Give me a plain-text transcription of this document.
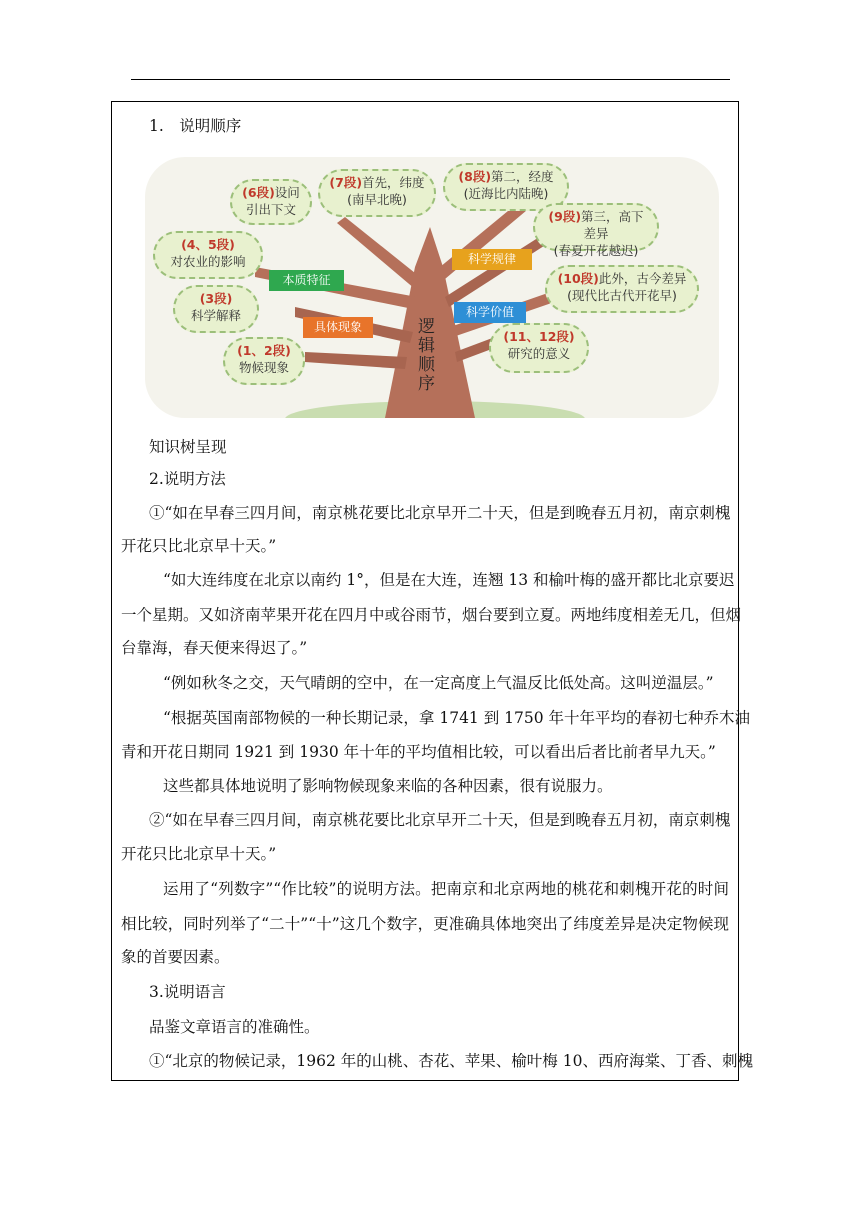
1.　说明顺序
(6段)设问
引出下文
(7段)首先，纬度
(南早北晚)
(8段)第二，经度
(近海比内陆晚)
(9段)第三，高下差异
(春夏开花越迟)
(4、5段)
对农业的影响
(3段)
科学解释
(10段)此外，古今差异
(现代比古代开花早)
(1、2段)
物候现象
(11、12段)
研究的意义
本质特征
具体现象
科学规律
科学价值
逻辑顺序
知识树呈现
2.说明方法
①“如在早春三四月间，南京桃花要比北京早开二十天，但是到晚春五月初，南京刺槐
开花只比北京早十天。”
“如大连纬度在北京以南约 1°，但是在大连，连翘 13 和榆叶梅的盛开都比北京要迟
一个星期。又如济南苹果开花在四月中或谷雨节，烟台要到立夏。两地纬度相差无几，但烟
台靠海，春天便来得迟了。”
“例如秋冬之交，天气晴朗的空中，在一定高度上气温反比低处高。这叫逆温层。”
“根据英国南部物候的一种长期记录，拿 1741 到 1750 年十年平均的春初七种乔木油
青和开花日期同 1921 到 1930 年十年的平均值相比较，可以看出后者比前者早九天。”
这些都具体地说明了影响物候现象来临的各种因素，很有说服力。
②“如在早春三四月间，南京桃花要比北京早开二十天，但是到晚春五月初，南京刺槐
开花只比北京早十天。”
运用了“列数字”“作比较”的说明方法。把南京和北京两地的桃花和刺槐开花的时间
相比较，同时列举了“二十”“十”这几个数字，更准确具体地突出了纬度差异是决定物候现
象的首要因素。
3.说明语言
品鉴文章语言的准确性。
①“北京的物候记录，1962 年的山桃、杏花、苹果、榆叶梅 10、西府海棠、丁香、刺槐
